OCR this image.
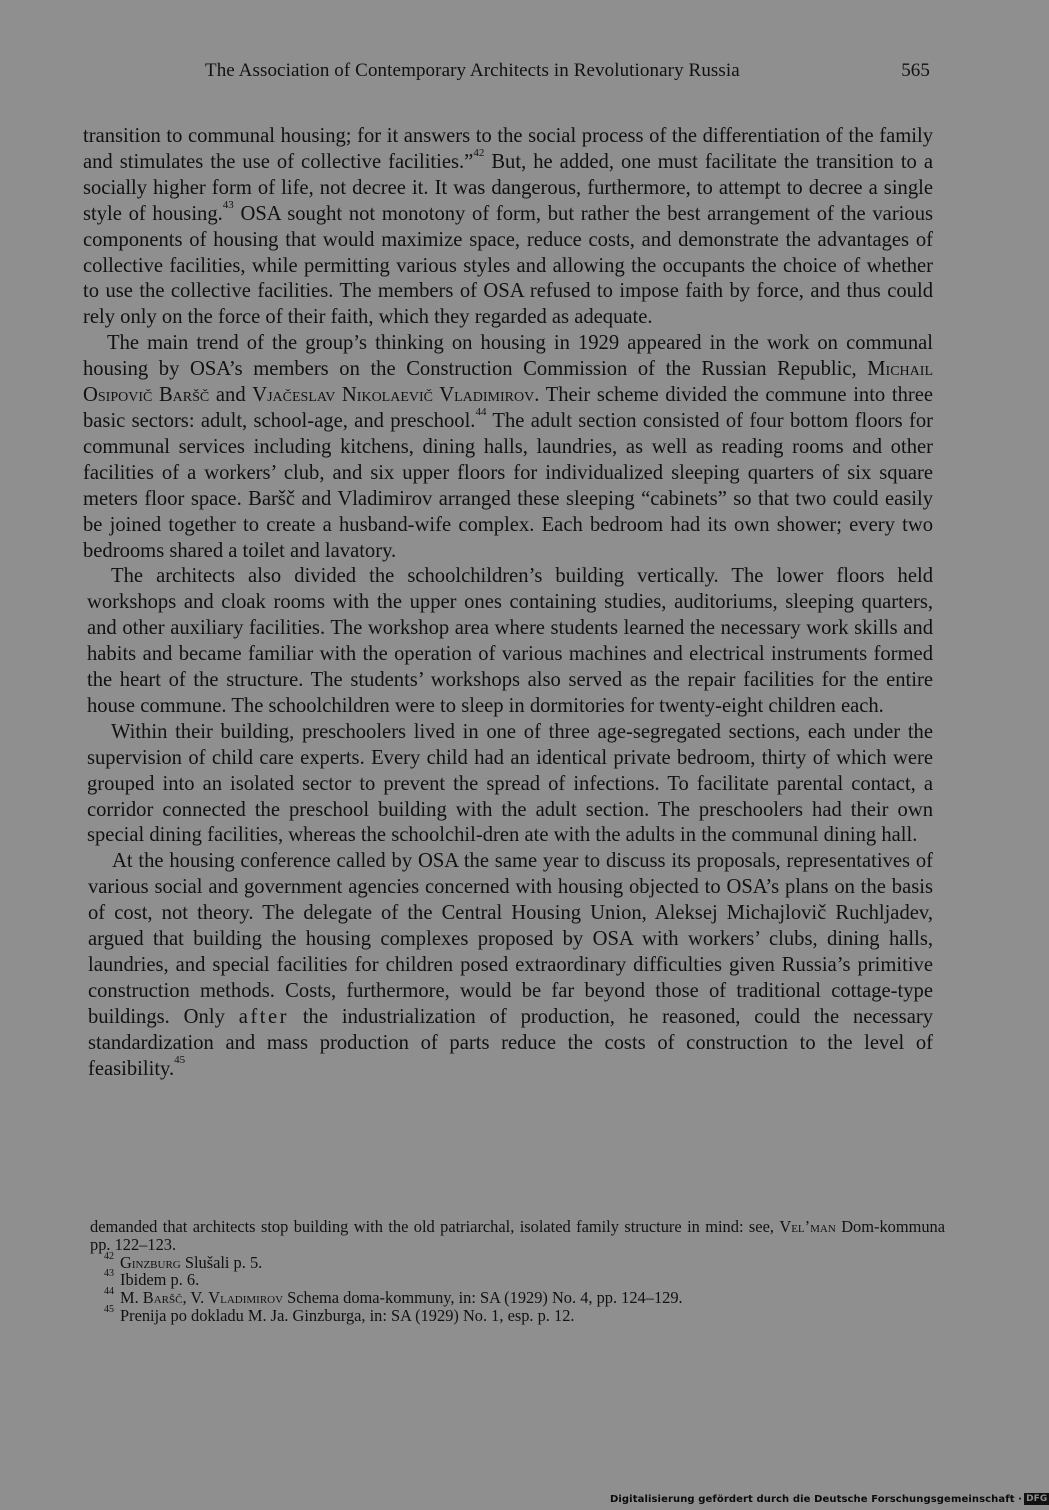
The Association of Contemporary Architects in Revolutionary Russia	565

transition to communal housing; for it answers to the social process of the differentiation of the family and stimulates the use of collective facilities.”$^{42}$ But, he added, one must facilitate the transition to a socially higher form of life, not decree it. It was dangerous, furthermore, to attempt to decree a single style of housing.$^{43}$ OSA sought not monotony of form, but rather the best arrangement of the various components of housing that would maximize space, reduce costs, and demonstrate the advantages of collective facilities, while permitting various styles and allowing the occupants the choice of whether to use the collective facilities. The members of OSA refused to impose faith by force, and thus could rely only on the force of their faith, which they regarded as adequate.

The main trend of the group’s thinking on housing in 1929 appeared in the work on communal housing by OSA’s members on the Construction Commission of the Russian Republic, Michail Osipovič Baršč and Vjačeslav Nikolaevič Vladimirov. Their scheme divided the commune into three basic sectors: adult, school-age, and preschool.$^{44}$ The adult section consisted of four bottom floors for communal services including kitchens, dining halls, laundries, as well as reading rooms and other facilities of a workers’ club, and six upper floors for individualized sleeping quarters of six square meters floor space. Baršč and Vladimirov arranged these sleeping “cabinets” so that two could easily be joined together to create a husband-wife complex. Each bedroom had its own shower; every two bedrooms shared a toilet and lavatory.

The architects also divided the schoolchildren’s building vertically. The lower floors held workshops and cloak rooms with the upper ones containing studies, auditoriums, sleeping quarters, and other auxiliary facilities. The workshop area where students learned the necessary work skills and habits and became familiar with the operation of various machines and electrical instruments formed the heart of the structure. The students’ workshops also served as the repair facilities for the entire house commune. The schoolchildren were to sleep in dormitories for twenty-eight children each.

Within their building, preschoolers lived in one of three age-segregated sections, each under the supervision of child care experts. Every child had an identical private bedroom, thirty of which were grouped into an isolated sector to prevent the spread of infections. To facilitate parental contact, a corridor connected the preschool building with the adult section. The preschoolers had their own special dining facilities, whereas the schoolchil-dren ate with the adults in the communal dining hall.

At the housing conference called by OSA the same year to discuss its proposals, representatives of various social and government agencies concerned with housing objected to OSA’s plans on the basis of cost, not theory. The delegate of the Central Housing Union, Aleksej Michajlovič Ruchljadev, argued that building the housing complexes proposed by OSA with workers’ clubs, dining halls, laundries, and special facilities for children posed extraordinary difficulties given Russia’s primitive construction methods. Costs, furthermore, would be far beyond those of traditional cottage-type buildings. Only after the industrialization of production, he reasoned, could the necessary standardization and mass production of parts reduce the costs of construction to the level of feasibility.$^{45}$

demanded that architects stop building with the old patriarchal, isolated family structure in mind: see, Vel’man Dom-kommuna pp. 122–123.

$^{42}$ Ginzburg Slušali p. 5.

$^{43}$ Ibidem p. 6.

$^{44}$ M. Baršč, V. Vladimirov Schema doma-kommuny, in: SA (1929) No. 4, pp. 124–129.

$^{45}$ Prenija po dokladu M. Ja. Ginzburga, in: SA (1929) No. 1, esp. p. 12.

Digitalisierung gefördert durch die Deutsche Forschungsgemeinschaft · DFG
